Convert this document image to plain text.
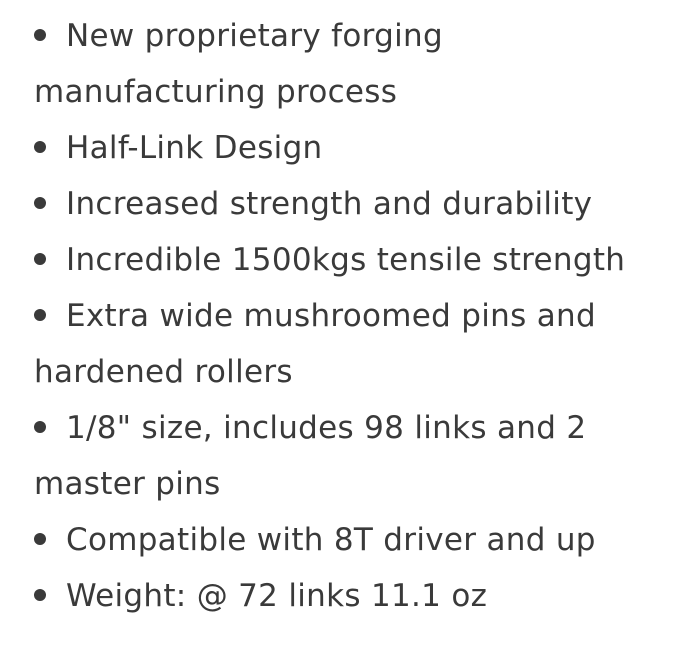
New proprietary forging manufacturing process
Half-Link Design
Increased strength and durability
Incredible 1500kgs tensile strength
Extra wide mushroomed pins and hardened rollers
1/8" size, includes 98 links and 2 master pins
Compatible with 8T driver and up
Weight: @ 72 links 11.1 oz
